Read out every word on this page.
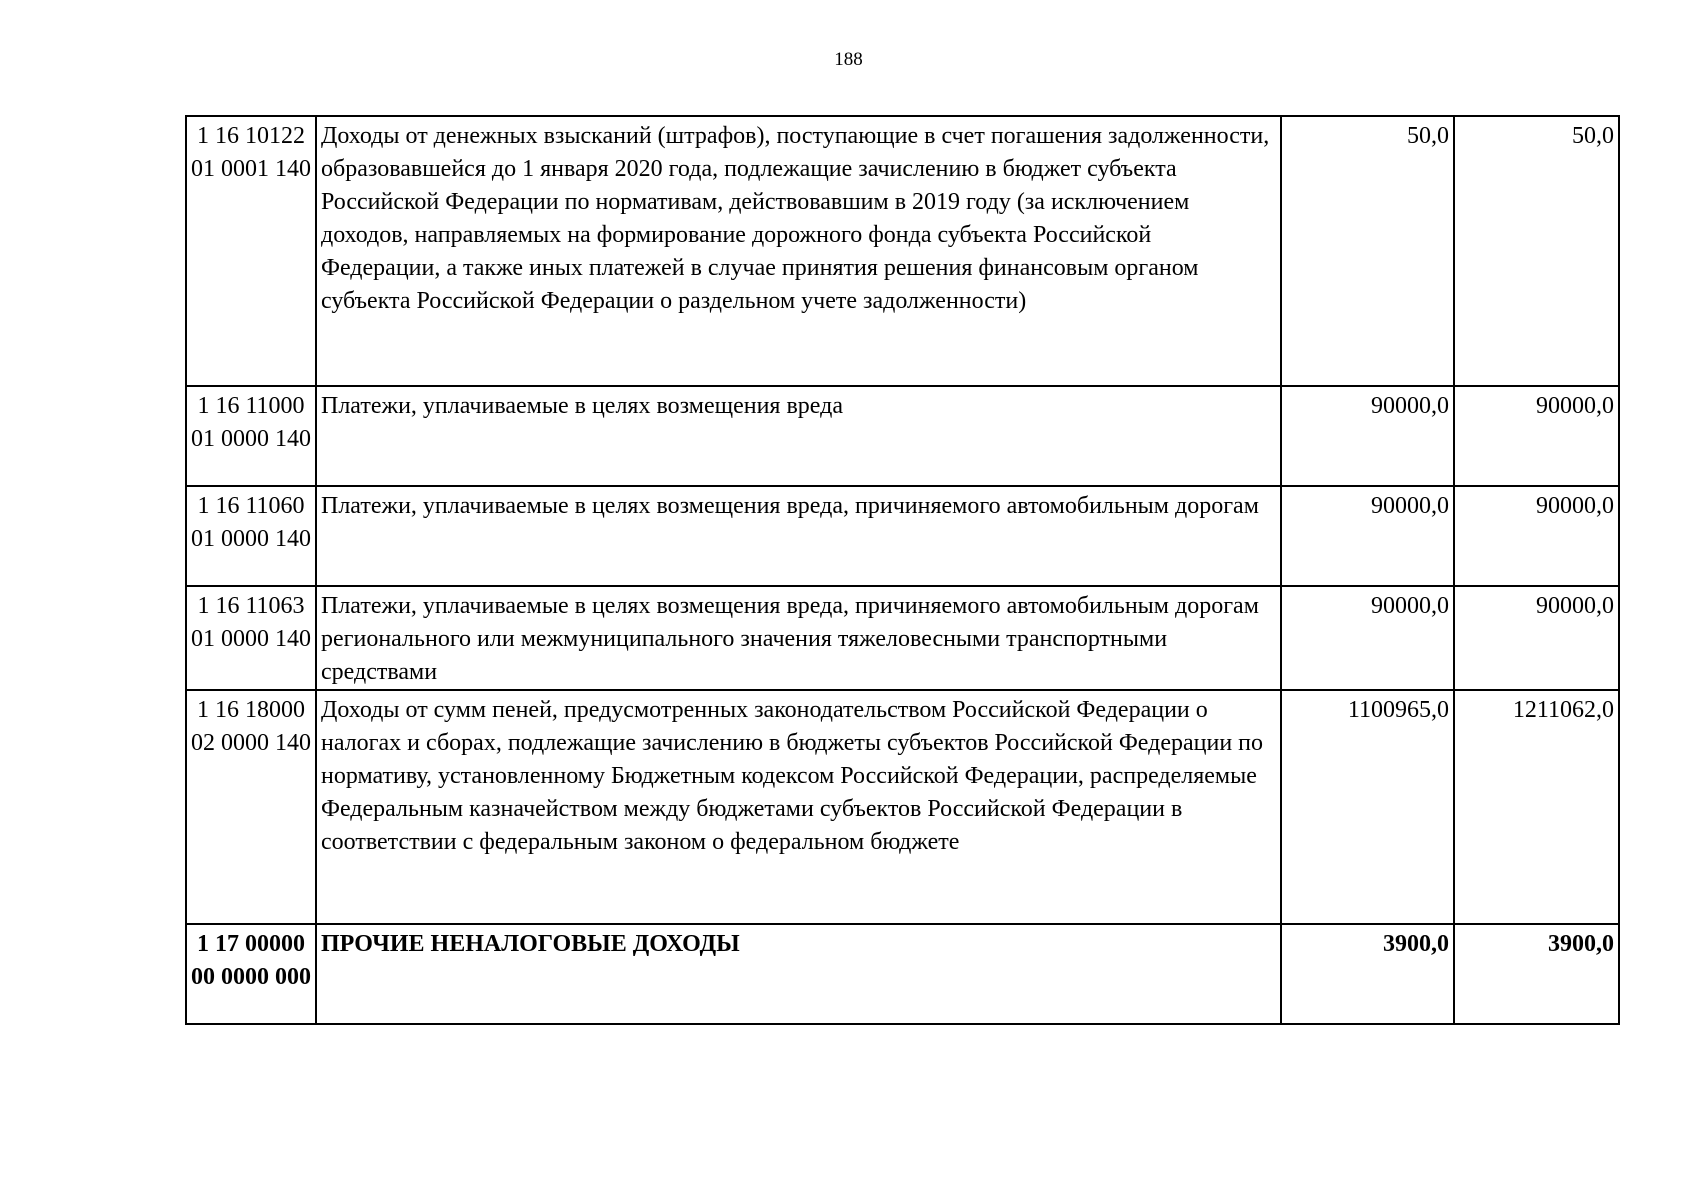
188
1 16 10122 01 0001 140	Доходы от денежных взысканий (штрафов), поступающие в счет погашения задолженности, образовавшейся до 1 января 2020 года, подлежащие зачислению в бюджет субъекта Российской Федерации по нормативам, действовавшим в 2019 году (за исключением доходов, направляемых на формирование дорожного фонда субъекта Российской Федерации, а также иных платежей в случае принятия решения финансовым органом субъекта Российской Федерации о раздельном учете задолженности)	50,0	50,0
1 16 11000 01 0000 140	Платежи, уплачиваемые в целях возмещения вреда	90000,0	90000,0
1 16 11060 01 0000 140	Платежи, уплачиваемые в целях возмещения вреда, причиняемого автомобильным дорогам	90000,0	90000,0
1 16 11063 01 0000 140	Платежи, уплачиваемые в целях возмещения вреда, причиняемого автомобильным дорогам регионального или межмуниципального значения тяжеловесными транспортными средствами	90000,0	90000,0
1 16 18000 02 0000 140	Доходы от сумм пеней, предусмотренных законодательством Российской Федерации о налогах и сборах, подлежащие зачислению в бюджеты субъектов Российской Федерации по нормативу, установленному Бюджетным кодексом Российской Федерации, распределяемые Федеральным казначейством между бюджетами субъектов Российской Федерации в соответствии с федеральным законом о федеральном бюджете	1100965,0	1211062,0
1 17 00000 00 0000 000	ПРОЧИЕ НЕНАЛОГОВЫЕ ДОХОДЫ	3900,0	3900,0
